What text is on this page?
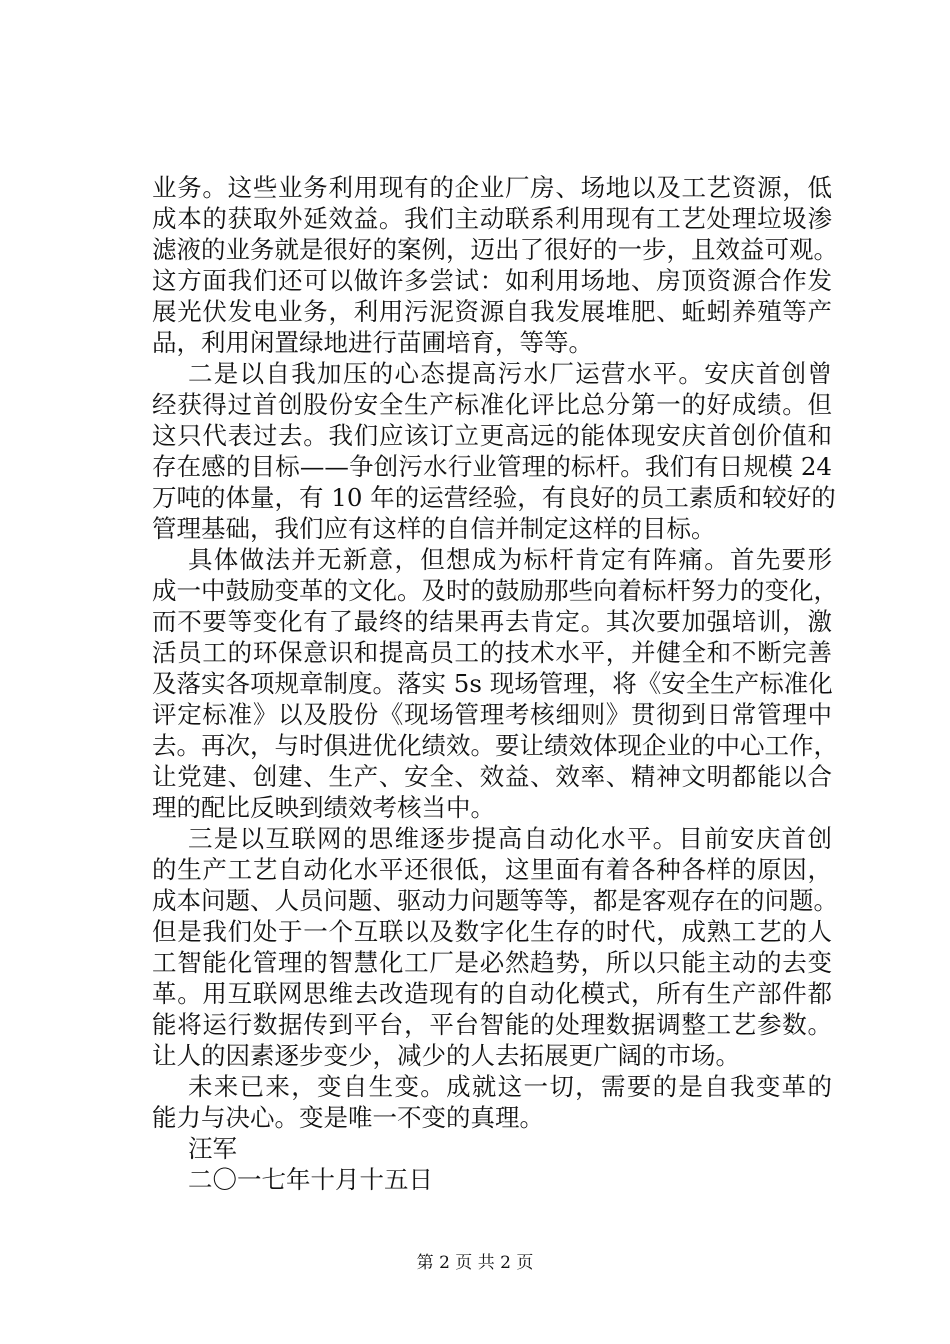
业务。这些业务利用现有的企业厂房、场地以及工艺资源，低
成本的获取外延效益。我们主动联系利用现有工艺处理垃圾渗
滤液的业务就是很好的案例，迈出了很好的一步，且效益可观。
这方面我们还可以做许多尝试：如利用场地、房顶资源合作发
展光伏发电业务，利用污泥资源自我发展堆肥、蚯蚓养殖等产
品，利用闲置绿地进行苗圃培育，等等。
二是以自我加压的心态提高污水厂运营水平。安庆首创曾
经获得过首创股份安全生产标准化评比总分第一的好成绩。但
这只代表过去。我们应该订立更高远的能体现安庆首创价值和
存在感的目标——争创污水行业管理的标杆。我们有日规模 24
万吨的体量，有 10 年的运营经验，有良好的员工素质和较好的
管理基础，我们应有这样的自信并制定这样的目标。
具体做法并无新意，但想成为标杆肯定有阵痛。首先要形
成一中鼓励变革的文化。及时的鼓励那些向着标杆努力的变化，
而不要等变化有了最终的结果再去肯定。其次要加强培训，激
活员工的环保意识和提高员工的技术水平，并健全和不断完善
及落实各项规章制度。落实 5s 现场管理，将《安全生产标准化
评定标准》以及股份《现场管理考核细则》贯彻到日常管理中
去。再次，与时俱进优化绩效。要让绩效体现企业的中心工作，
让党建、创建、生产、安全、效益、效率、精神文明都能以合
理的配比反映到绩效考核当中。
三是以互联网的思维逐步提高自动化水平。目前安庆首创
的生产工艺自动化水平还很低，这里面有着各种各样的原因，
成本问题、人员问题、驱动力问题等等，都是客观存在的问题。
但是我们处于一个互联以及数字化生存的时代，成熟工艺的人
工智能化管理的智慧化工厂是必然趋势，所以只能主动的去变
革。用互联网思维去改造现有的自动化模式，所有生产部件都
能将运行数据传到平台，平台智能的处理数据调整工艺参数。
让人的因素逐步变少，减少的人去拓展更广阔的市场。
未来已来，变自生变。成就这一切，需要的是自我变革的
能力与决心。变是唯一不变的真理。
汪军
二〇一七年十月十五日
第 2 页 共 2 页
